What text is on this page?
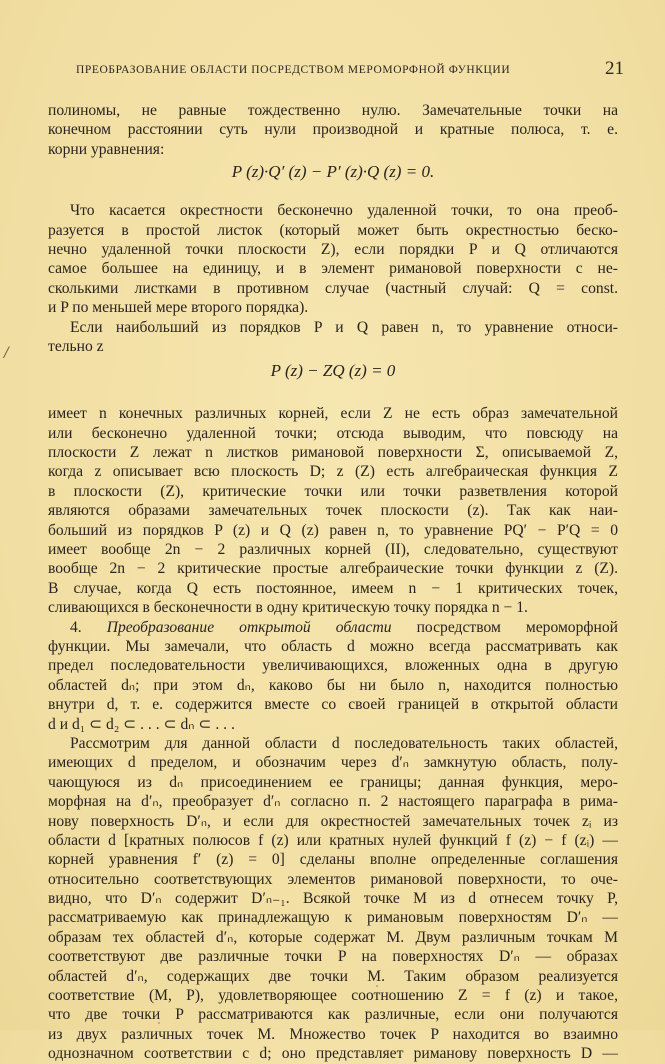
ПРЕОБРАЗОВАНИЕ ОБЛАСТИ ПОСРЕДСТВОМ МЕРОМОРФНОЙ ФУНКЦИИ	21
/
полиномы, не равные тождественно нулю. Замечательные точки на
конечном расстоянии суть нули производной и кратные полюса, т. е.
корни уравнения:
P (z)·Q′ (z) − P′ (z)·Q (z) = 0.
Что касается окрестности бесконечно удаленной точки, то она преоб-
разуется в простой листок (который может быть окрестностью беско-
нечно удаленной точки плоскости Z), если порядки P и Q отличаются
самое большее на единицу, и в элемент римановой поверхности с не-
сколькими листками в противном случае (частный случай: Q = const.
и P по меньшей мере второго порядка).
Если наибольший из порядков P и Q равен n, то уравнение относи-
тельно z
P (z) − ZQ (z) = 0
имеет n конечных различных корней, если Z не есть образ замечательной
или бесконечно удаленной точки; отсюда выводим, что повсюду на
плоскости Z лежат n листков римановой поверхности Σ, описываемой Z,
когда z описывает всю плоскость D; z (Z) есть алгебраическая функция Z
в плоскости (Z), критические точки или точки разветвления которой
являются образами замечательных точек плоскости (z). Так как наи-
больший из порядков P (z) и Q (z) равен n, то уравнение PQ′ − P′Q = 0
имеет вообще 2n − 2 различных корней (II), следовательно, существуют
вообще 2n − 2 критические простые алгебраические точки функции z (Z).
В случае, когда Q есть постоянное, имеем n − 1 критических точек,
сливающихся в бесконечности в одну критическую точку порядка n − 1.
4. Преобразование открытой области посредством мероморфной
функции. Мы замечали, что область d можно всегда рассматривать как
предел последовательности увеличивающихся, вложенных одна в другую
областей dₙ; при этом dₙ, каково бы ни было n, находится полностью
внутри d, т. е. содержится вместе со своей границей в открытой области
d и d₁ ⊂ d₂ ⊂ . . . ⊂ dₙ ⊂ . . .
Рассмотрим для данной области d последовательность таких областей,
имеющих d пределом, и обозначим через d′ₙ замкнутую область, полу-
чающуюся из dₙ присоединением ее границы; данная функция, меро-
морфная на d′ₙ, преобразует d′ₙ согласно п. 2 настоящего параграфа в рима-
нову поверхность D′ₙ, и если для окрестностей замечательных точек zᵢ из
области d [кратных полюсов f (z) или кратных нулей функций f (z) − f (zᵢ) —
корней уравнения f′ (z) = 0] сделаны вполне определенные соглашения
относительно соответствующих элементов римановой поверхности, то оче-
видно, что D′ₙ содержит D′ₙ₋₁. Всякой точке M из d отнесем точку P,
рассматриваемую как принадлежащую к римановым поверхностям D′ₙ —
образам тех областей d′ₙ, которые содержат M. Двум различным точкам M
соответствуют две различные точки P на поверхностях D′ₙ — образах
областей d′ₙ, содержащих две точки M. Таким образом реализуется
соответствие (M, P), удовлетворяющее соотношению Z = f (z) и такое,
что две точки P рассматриваются как различные, если они получаются
из двух различных точек M. Множество точек P находится во взаимно
однозначном соответствии с d; оно представляет риманову поверхность D —
